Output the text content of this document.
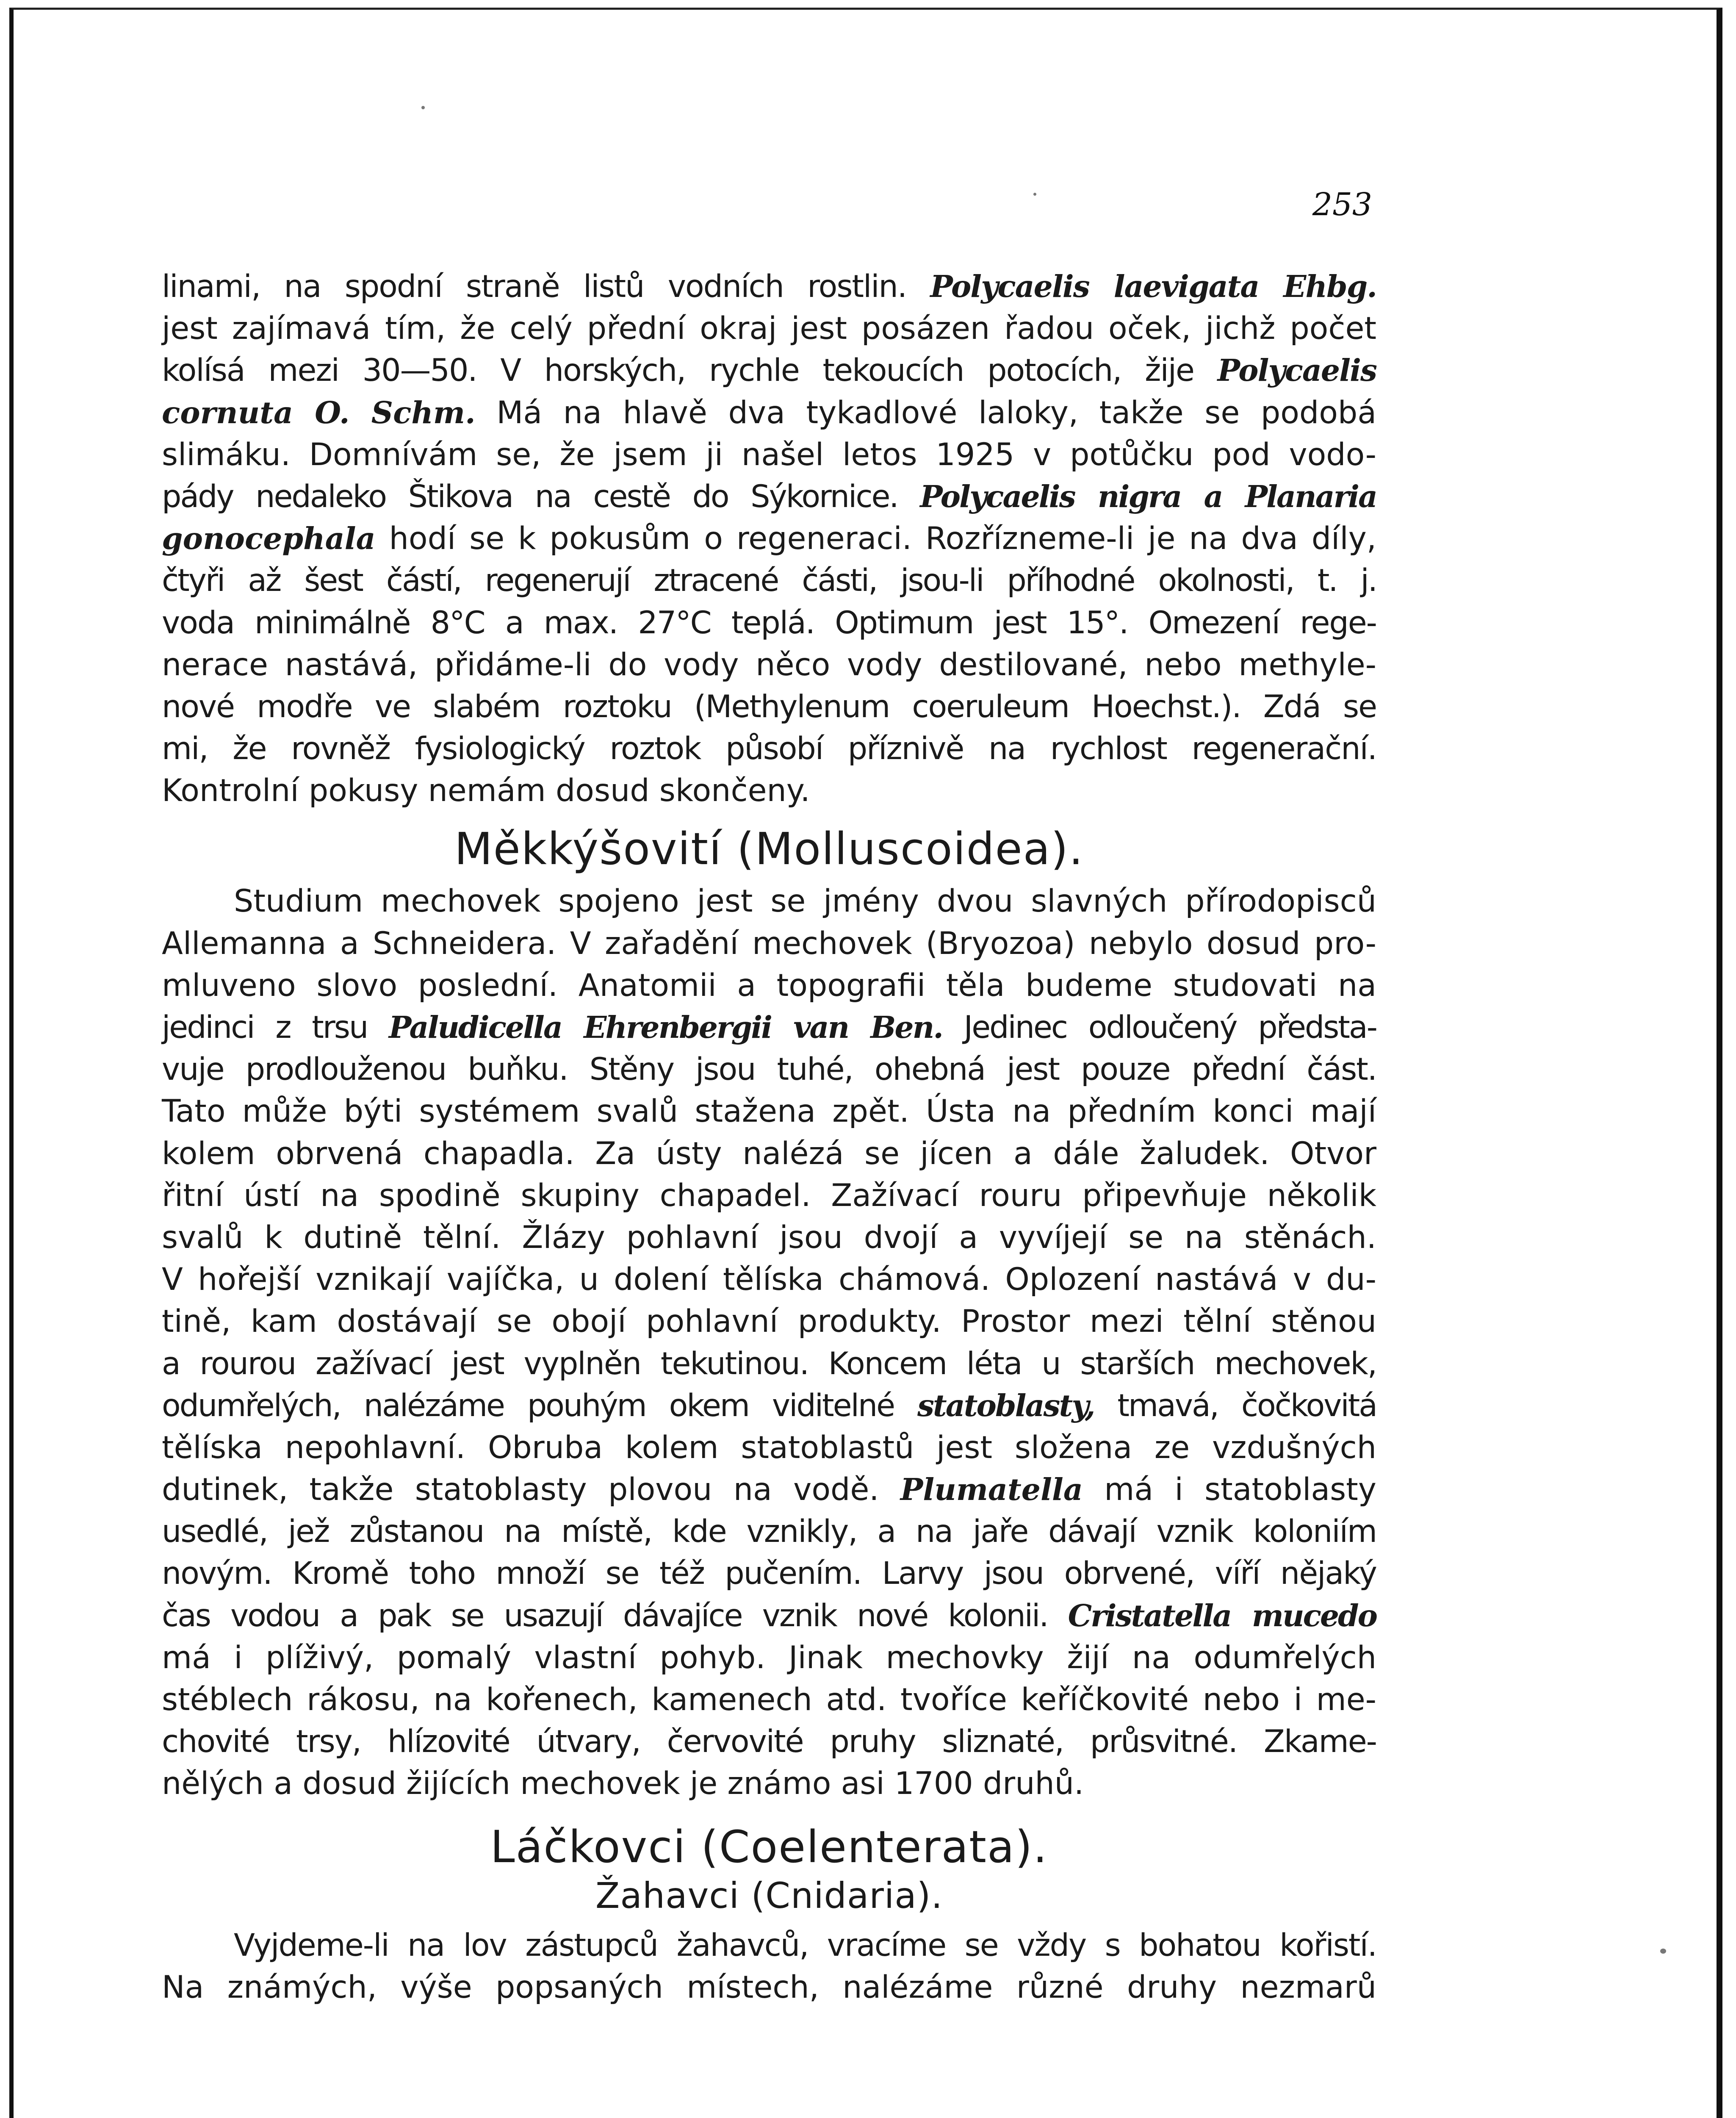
253
linami, na spodní straně listů vodních rostlin. Polycaelis laevigata Ehbg.
jest zajímavá tím, že celý přední okraj jest posázen řadou oček, jichž počet
kolísá mezi 30—50. V horských, rychle tekoucích potocích, žije Polycaelis
cornuta O. Schm. Má na hlavě dva tykadlové laloky, takže se podobá
slimáku. Domnívám se, že jsem ji našel letos 1925 v potůčku pod vodo-
pády nedaleko Štikova na cestě do Sýkornice. Polycaelis nigra a Planaria
gonocephala hodí se k pokusům o regeneraci. Rozřízneme-li je na dva díly,
čtyři až šest částí, regenerují ztracené části, jsou-li příhodné okolnosti, t. j.
voda minimálně 8°C a max. 27°C teplá. Optimum jest 15°. Omezení rege-
nerace nastává, přidáme-li do vody něco vody destilované, nebo methyle-
nové modře ve slabém roztoku (Methylenum coeruleum Hoechst.). Zdá se
mi, že rovněž fysiologický roztok působí příznivě na rychlost regenerační.
Kontrolní pokusy nemám dosud skončeny.
Měkkýšovití (Molluscoidea).
Studium mechovek spojeno jest se jmény dvou slavných přírodopisců
Allemanna a Schneidera. V zařadění mechovek (Bryozoa) nebylo dosud pro-
mluveno slovo poslední. Anatomii a topografii těla budeme studovati na
jedinci z trsu Paludicella Ehrenbergii van Ben. Jedinec odloučený předsta-
vuje prodlouženou buňku. Stěny jsou tuhé, ohebná jest pouze přední část.
Tato může býti systémem svalů stažena zpět. Ústa na předním konci mají
kolem obrvená chapadla. Za ústy nalézá se jícen a dále žaludek. Otvor
řitní ústí na spodině skupiny chapadel. Zažívací rouru připevňuje několik
svalů k dutině tělní. Žlázy pohlavní jsou dvojí a vyvíjejí se na stěnách.
V hořejší vznikají vajíčka, u dolení tělíska chámová. Oplození nastává v du-
tině, kam dostávají se obojí pohlavní produkty. Prostor mezi tělní stěnou
a rourou zažívací jest vyplněn tekutinou. Koncem léta u starších mechovek,
odumřelých, nalézáme pouhým okem viditelné statoblasty, tmavá, čočkovitá
tělíska nepohlavní. Obruba kolem statoblastů jest složena ze vzdušných
dutinek, takže statoblasty plovou na vodě. Plumatella má i statoblasty
usedlé, jež zůstanou na místě, kde vznikly, a na jaře dávají vznik koloniím
novým. Kromě toho množí se též pučením. Larvy jsou obrvené, víří nějaký
čas vodou a pak se usazují dávajíce vznik nové kolonii. Cristatella mucedo
má i plíživý, pomalý vlastní pohyb. Jinak mechovky žijí na odumřelých
stéblech rákosu, na kořenech, kamenech atd. tvoříce keříčkovité nebo i me-
chovité trsy, hlízovité útvary, červovité pruhy sliznaté, průsvitné. Zkame-
nělých a dosud žijících mechovek je známo asi 1700 druhů.
Láčkovci (Coelenterata).
Žahavci (Cnidaria).
Vyjdeme-li na lov zástupců žahavců, vracíme se vždy s bohatou kořistí.
Na známých, výše popsaných místech, nalézáme různé druhy nezmarů
